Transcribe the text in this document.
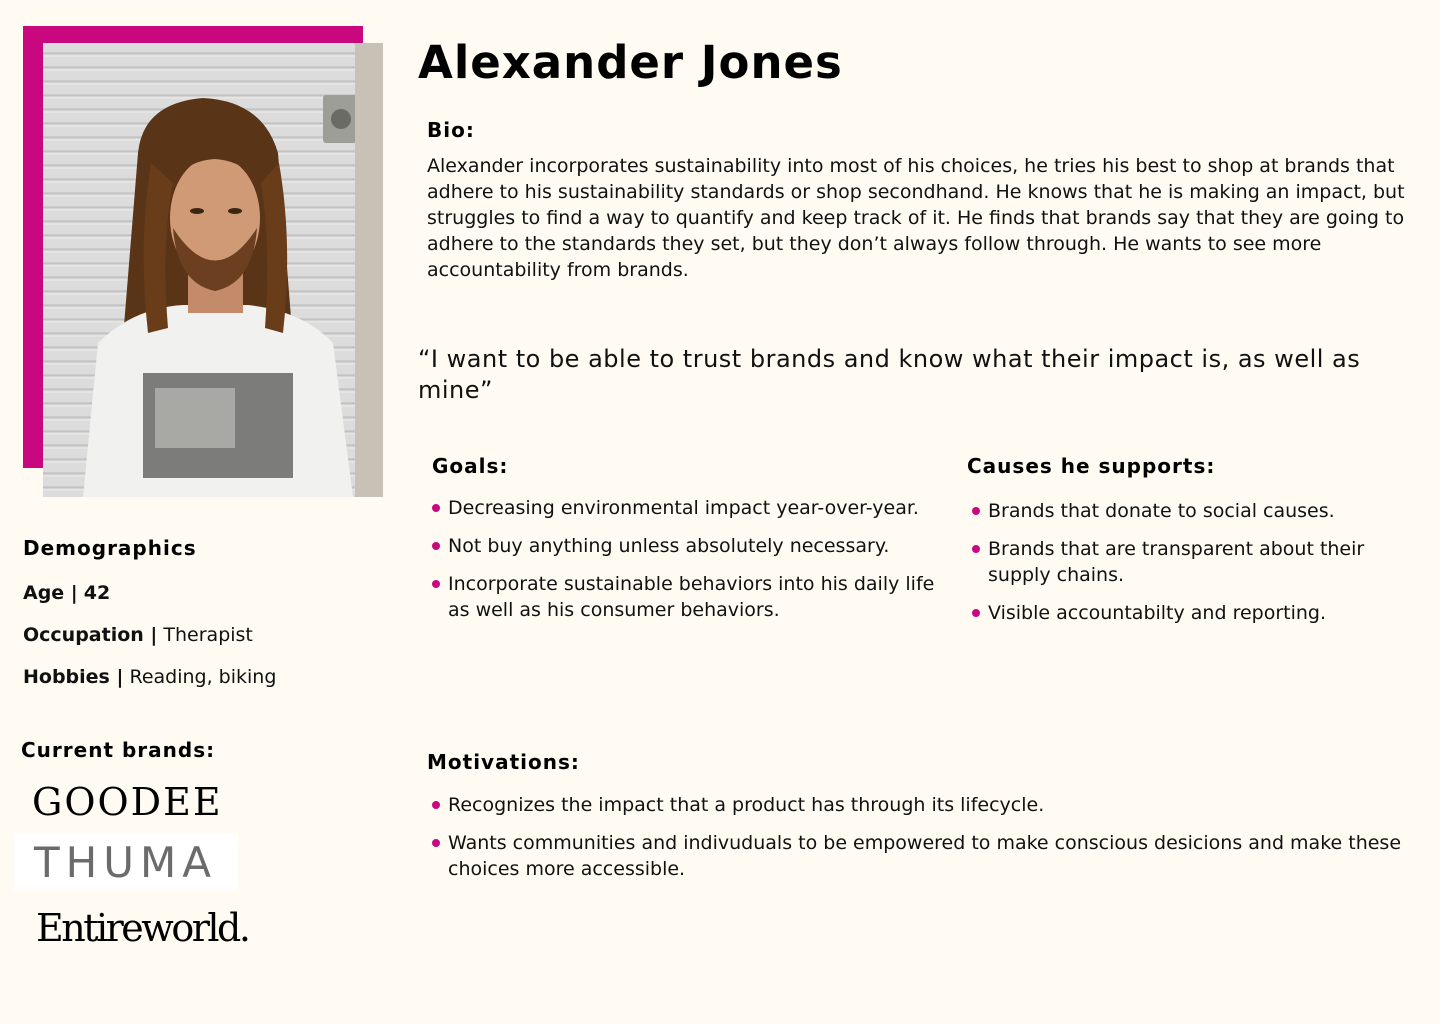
Alexander Jones
Bio:
Alexander incorporates sustainability into most of his choices, he tries his best to shop at brands that adhere to his sustainability standards or shop secondhand. He knows that he is making an impact, but struggles to find a way to quantify and keep track of it. He finds that brands say that they are going to adhere to the standards they set, but they don’t always follow through. He wants to see more accountability from brands.
“I want to be able to trust brands and know what their impact is, as well as mine”
Goals:
Decreasing environmental impact year-over-year.
Not buy anything unless absolutely necessary.
Incorporate sustainable behaviors into his daily life as well as his consumer behaviors.
Causes he supports:
Brands that donate to social causes.
Brands that are transparent about their supply chains.
Visible accountabilty and reporting.
Motivations:
Recognizes the impact that a product has through its lifecycle.
Wants communities and indivuduals to be empowered to make conscious desicions and make these choices more accessible.
Demographics
Age | 42
Occupation | Therapist
Hobbies | Reading, biking
Current brands:
GOODEE
THUMA
Entireworld.
